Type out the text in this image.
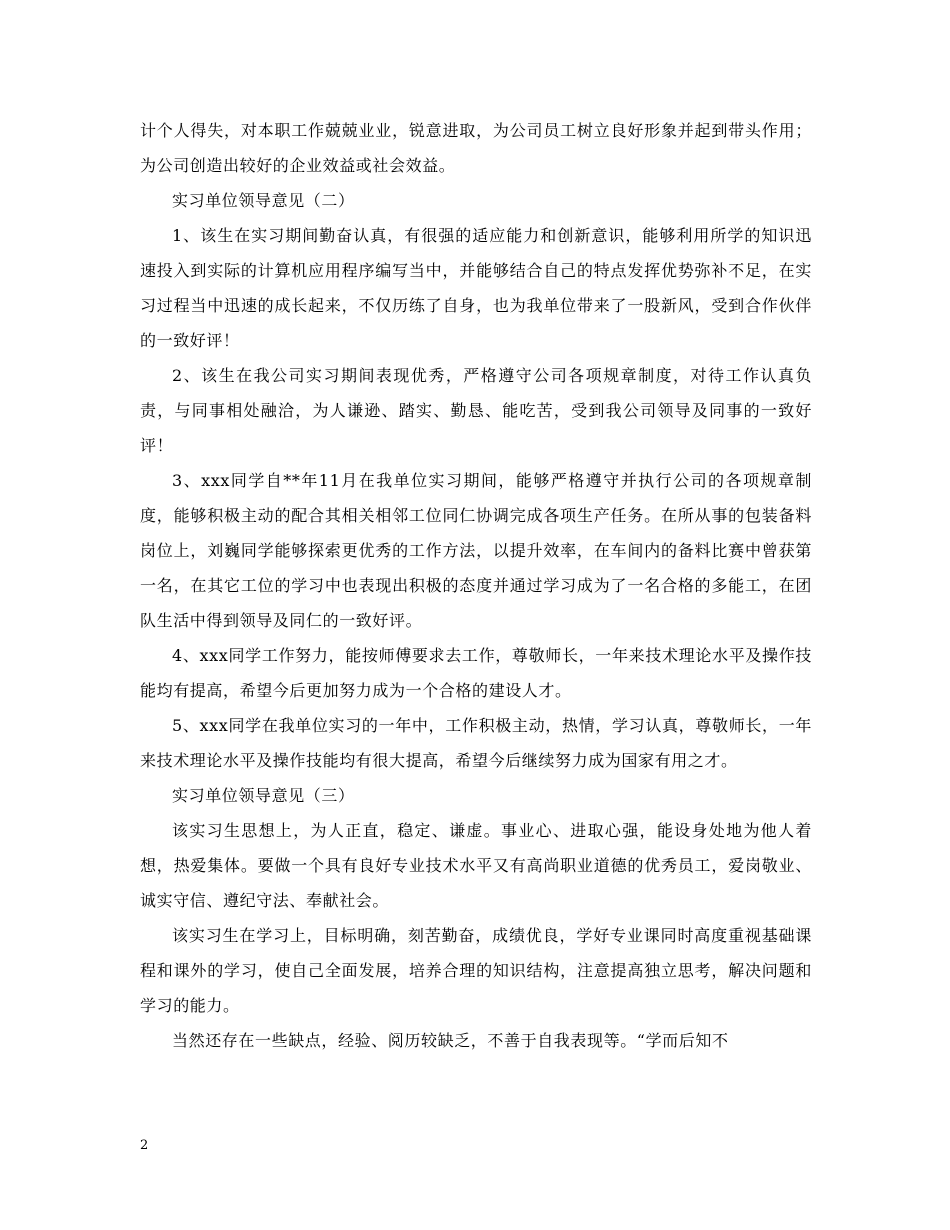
计个人得失，对本职工作兢兢业业，锐意进取，为公司员工树立良好形象并起到带头作用；为公司创造出较好的企业效益或社会效益。

实习单位领导意见（二）

1、该生在实习期间勤奋认真，有很强的适应能力和创新意识，能够利用所学的知识迅速投入到实际的计算机应用程序编写当中，并能够结合自己的特点发挥优势弥补不足，在实习过程当中迅速的成长起来，不仅历练了自身，也为我单位带来了一股新风，受到合作伙伴的一致好评！

2、该生在我公司实习期间表现优秀，严格遵守公司各项规章制度，对待工作认真负责，与同事相处融洽，为人谦逊、踏实、勤恳、能吃苦，受到我公司领导及同事的一致好评！

3、xxx同学自**年11月在我单位实习期间，能够严格遵守并执行公司的各项规章制度，能够积极主动的配合其相关相邻工位同仁协调完成各项生产任务。在所从事的包装备料岗位上，刘巍同学能够探索更优秀的工作方法，以提升效率，在车间内的备料比赛中曾获第一名，在其它工位的学习中也表现出积极的态度并通过学习成为了一名合格的多能工，在团队生活中得到领导及同仁的一致好评。

4、xxx同学工作努力，能按师傅要求去工作，尊敬师长，一年来技术理论水平及操作技能均有提高，希望今后更加努力成为一个合格的建设人才。

5、xxx同学在我单位实习的一年中，工作积极主动，热情，学习认真，尊敬师长，一年来技术理论水平及操作技能均有很大提高，希望今后继续努力成为国家有用之才。

实习单位领导意见（三）

该实习生思想上，为人正直，稳定、谦虚。事业心、进取心强，能设身处地为他人着想，热爱集体。要做一个具有良好专业技术水平又有高尚职业道德的优秀员工，爱岗敬业、诚实守信、遵纪守法、奉献社会。

该实习生在学习上，目标明确，刻苦勤奋，成绩优良，学好专业课同时高度重视基础课程和课外的学习，使自己全面发展，培养合理的知识结构，注意提高独立思考，解决问题和学习的能力。

当然还存在一些缺点，经验、阅历较缺乏，不善于自我表现等。“学而后知不

2
